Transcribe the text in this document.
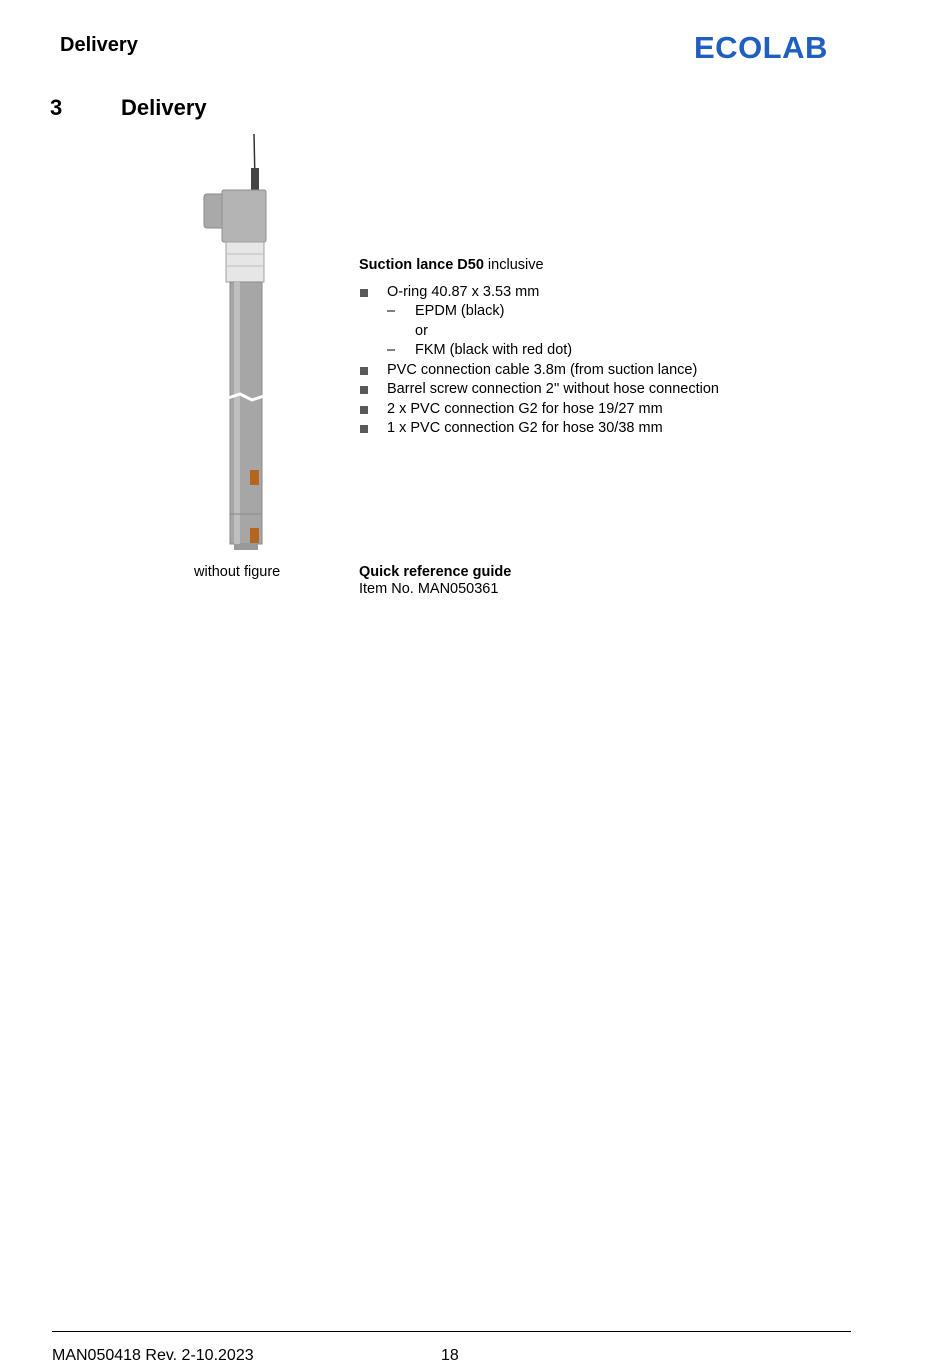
Delivery	ECOLAB
3	Delivery
Suction lance D50 inclusive
O-ring 40.87 x 3.53 mm
– EPDM (black)
or
– FKM (black with red dot)
PVC connection cable 3.8m (from suction lance)
Barrel screw connection 2'' without hose connection
2 x PVC connection G2 for hose 19/27 mm
1 x PVC connection G2 for hose 30/38 mm
without figure	Quick reference guide
Item No. MAN050361
MAN050418 Rev. 2-10.2023	18
